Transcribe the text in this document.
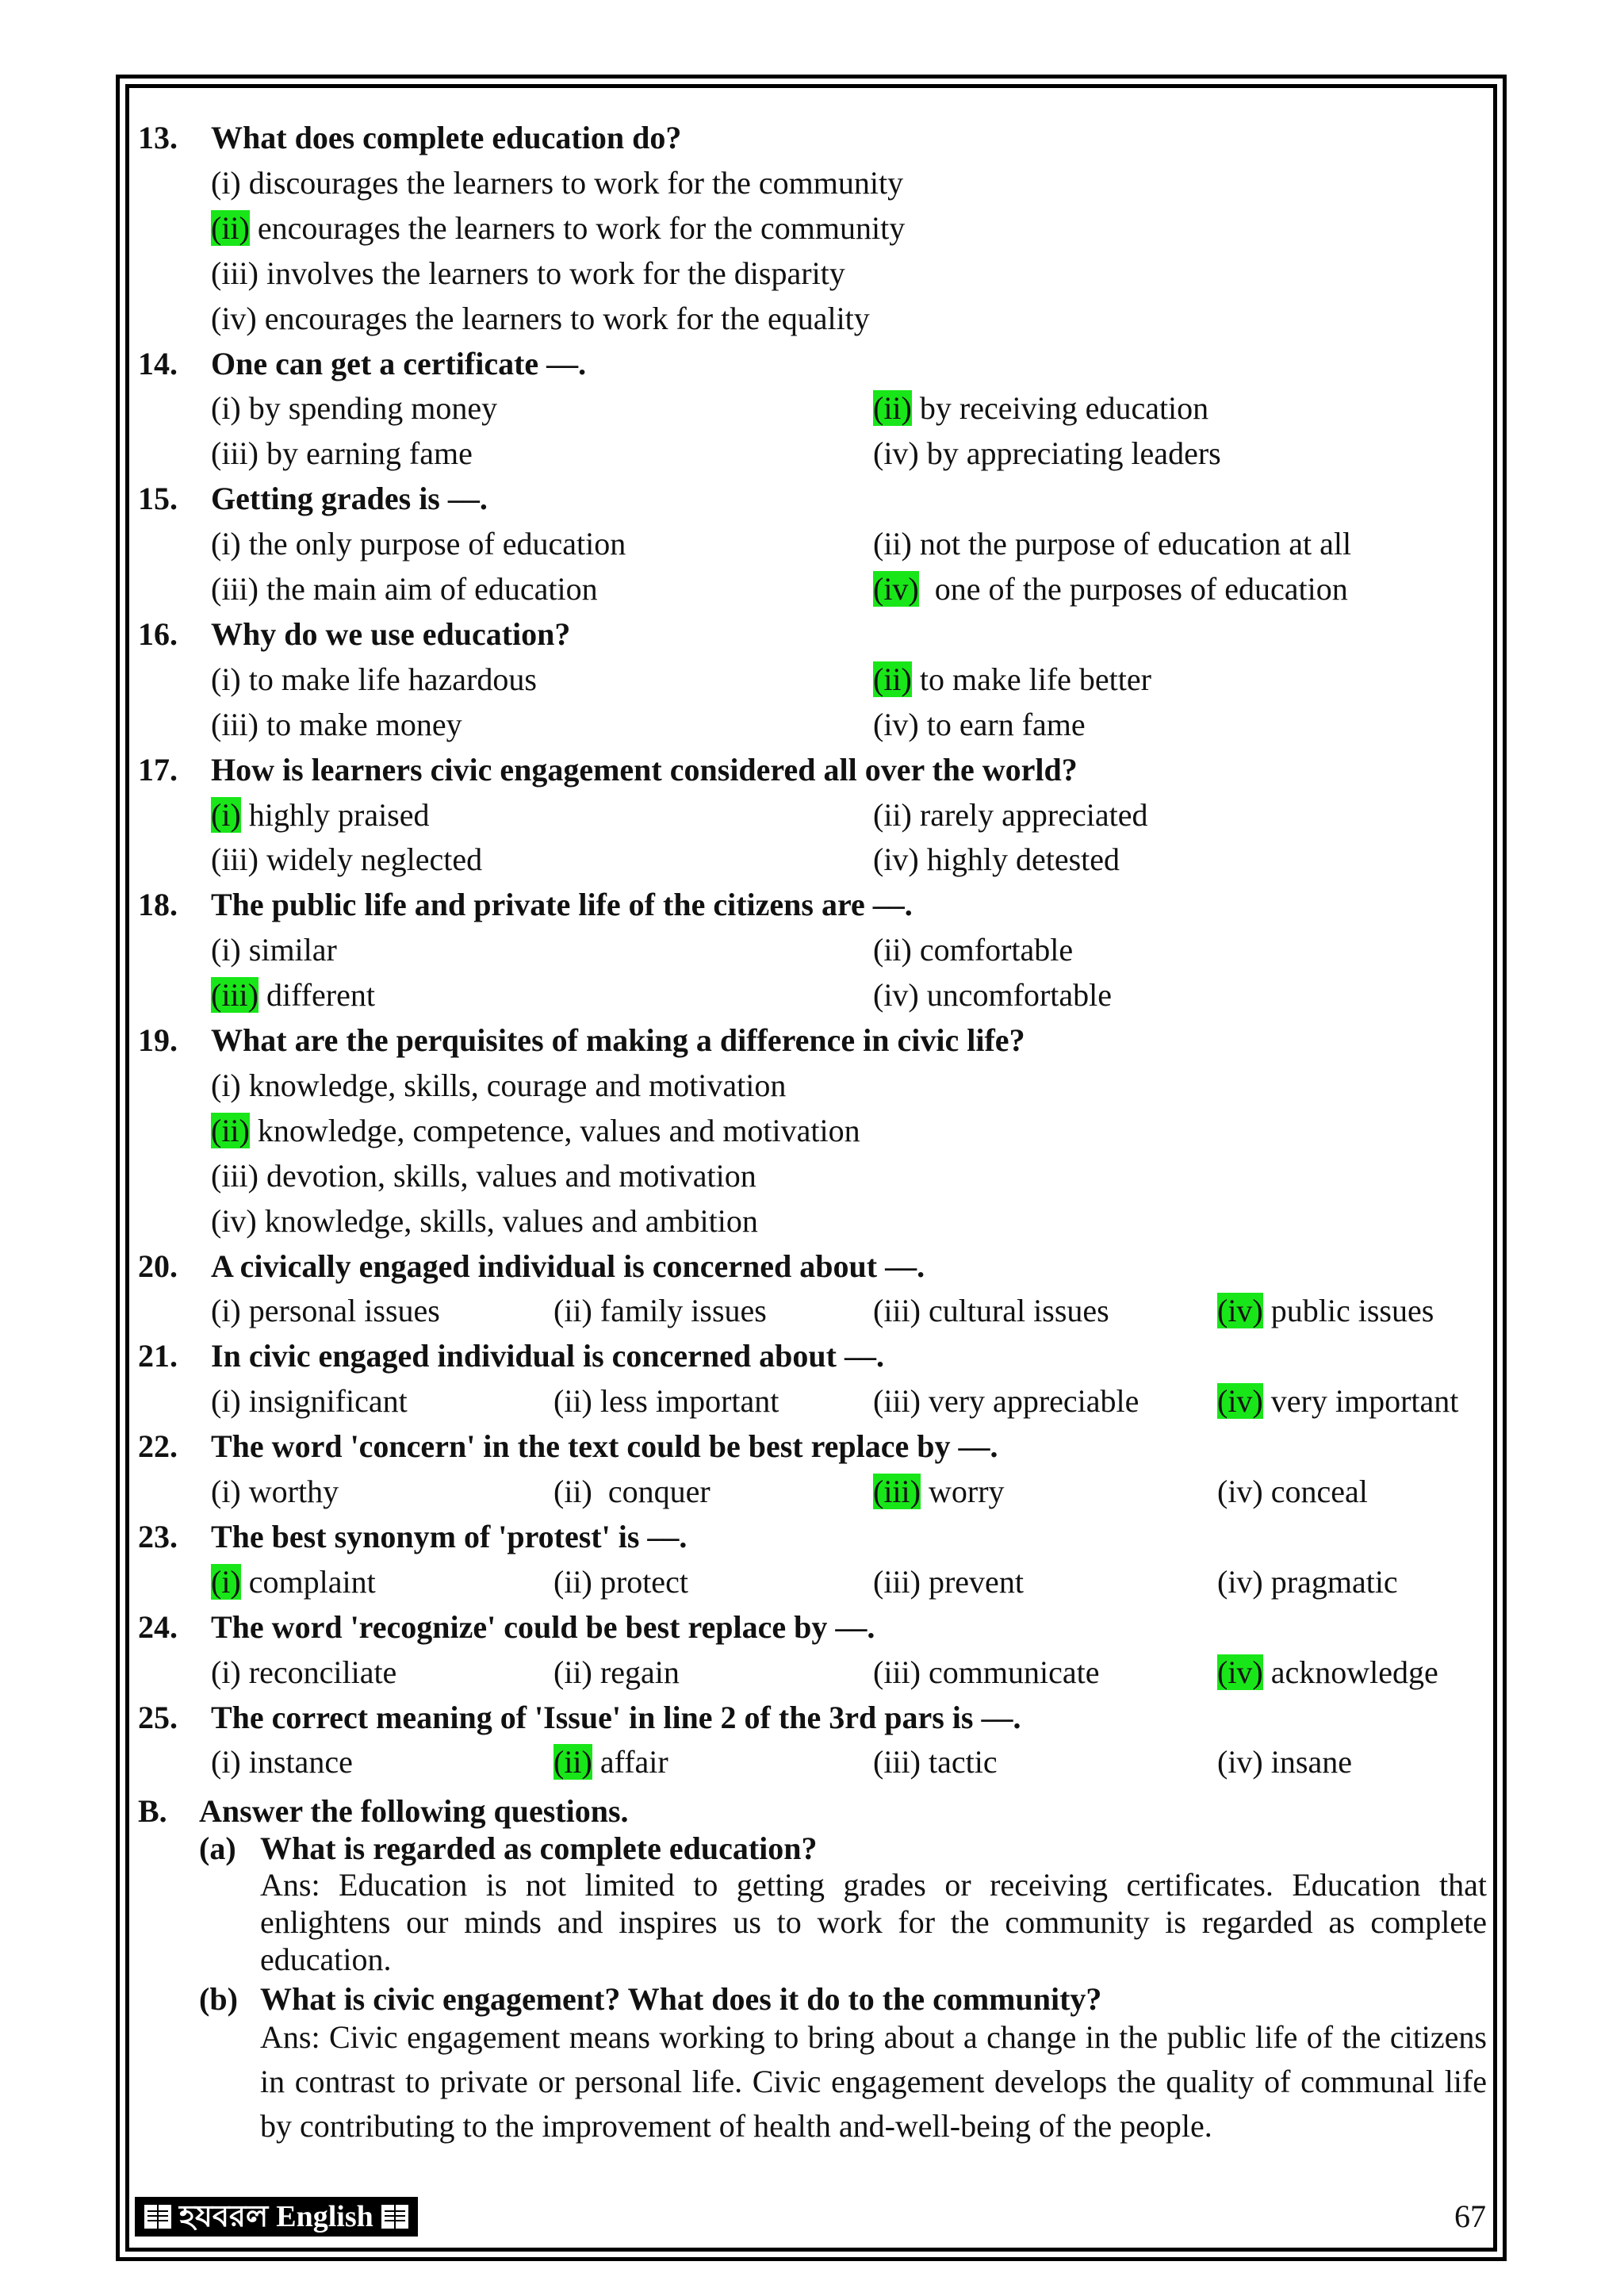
13. What does complete education do?
(i) discourages the learners to work for the community
(ii) encourages the learners to work for the community
(iii) involves the learners to work for the disparity
(iv) encourages the learners to work for the equality
14. One can get a certificate ––.
(i) by spending money	(ii) by receiving education
(iii) by earning fame	(iv) by appreciating leaders
15. Getting grades is ––.
(i) the only purpose of education	(ii) not the purpose of education at all
(iii) the main aim of education	(iv)  one of the purposes of education
16. Why do we use education?
(i) to make life hazardous	(ii) to make life better
(iii) to make money	(iv) to earn fame
17. How is learners civic engagement considered all over the world?
(i) highly praised	(ii) rarely appreciated
(iii) widely neglected	(iv) highly detested
18. The public life and private life of the citizens are ––.
(i) similar	(ii) comfortable
(iii) different	(iv) uncomfortable
19. What are the perquisites of making a difference in civic life?
(i) knowledge, skills, courage and motivation
(ii) knowledge, competence, values and motivation
(iii) devotion, skills, values and motivation
(iv) knowledge, skills, values and ambition
20. A civically engaged individual is concerned about ––.
(i) personal issues	(ii) family issues	(iii) cultural issues	(iv) public issues
21. In civic engaged individual is concerned about ––.
(i) insignificant	(ii) less important	(iii) very appreciable (iv) very important
22. The word 'concern' in the text could be best replace by ––.
(i) worthy	(ii)  conquer	(iii) worry	(iv) conceal
23. The best synonym of 'protest' is ––.
(i) complaint	(ii) protect	(iii) prevent	(iv) pragmatic
24. The word 'recognize' could be best replace by ––.
(i) reconciliate	(ii) regain	(iii) communicate	(iv) acknowledge
25. The correct meaning of 'Issue' in line 2 of the 3rd pars is ––.
(i) instance	(ii) affair	(iii) tactic	(iv) insane
B. Answer the following questions.
(a) What is regarded as complete education?
Ans: Education is not limited to getting grades or receiving certificates. Education that enlightens our minds and inspires us to work for the community is regarded as complete education.
(b) What is civic engagement? What does it do to the community?
Ans: Civic engagement means working to bring about a change in the public life of the citizens in contrast to private or personal life. Civic engagement develops the quality of communal life by contributing to the improvement of health and-well-being of the people.
হযবরল English	67
